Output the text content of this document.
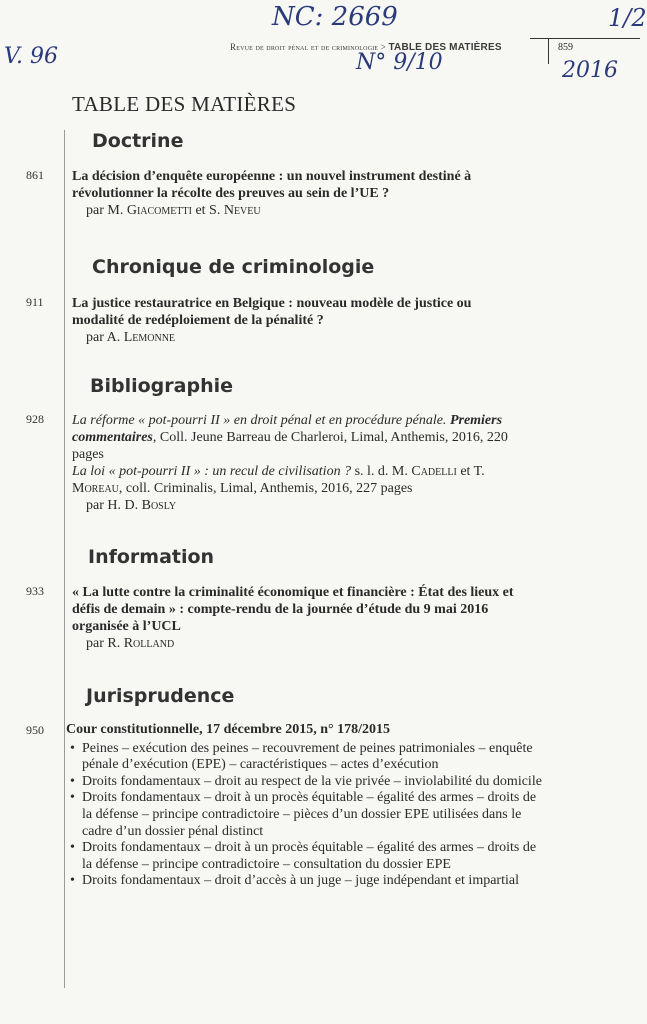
NC: 2669	1/2
V. 96	N° 9/10	2016
Revue de droit pénal et de criminologie > TABLE DES MATIÈRES	859
TABLE DES MATIÈRES
Doctrine
861 La décision d’enquête européenne : un nouvel instrument destiné à révolutionner la récolte des preuves au sein de l’UE ?
par M. Giacometti et S. Neveu
Chronique de criminologie
911 La justice restauratrice en Belgique : nouveau modèle de justice ou modalité de redéploiement de la pénalité ?
par A. Lemonne
Bibliographie
928 La réforme « pot-pourri II » en droit pénal et en procédure pénale. Premiers commentaires, Coll. Jeune Barreau de Charleroi, Limal, Anthemis, 2016, 220 pages
La loi « pot-pourri II » : un recul de civilisation ? s. l. d. M. Cadelli et T. Moreau, coll. Criminalis, Limal, Anthemis, 2016, 227 pages
par H. D. Bosly
Information
933 « La lutte contre la criminalité économique et financière : État des lieux et défis de demain » : compte-rendu de la journée d’étude du 9 mai 2016 organisée à l’UCL
par R. Rolland
Jurisprudence
950 Cour constitutionnelle, 17 décembre 2015, n° 178/2015
• Peines – exécution des peines – recouvrement de peines patrimoniales – enquête pénale d’exécution (EPE) – caractéristiques – actes d’exécution
• Droits fondamentaux – droit au respect de la vie privée – inviolabilité du domicile
• Droits fondamentaux – droit à un procès équitable – égalité des armes – droits de la défense – principe contradictoire – pièces d’un dossier EPE utilisées dans le cadre d’un dossier pénal distinct
• Droits fondamentaux – droit à un procès équitable – égalité des armes – droits de la défense – principe contradictoire – consultation du dossier EPE
• Droits fondamentaux – droit d’accès à un juge – juge indépendant et impartial
